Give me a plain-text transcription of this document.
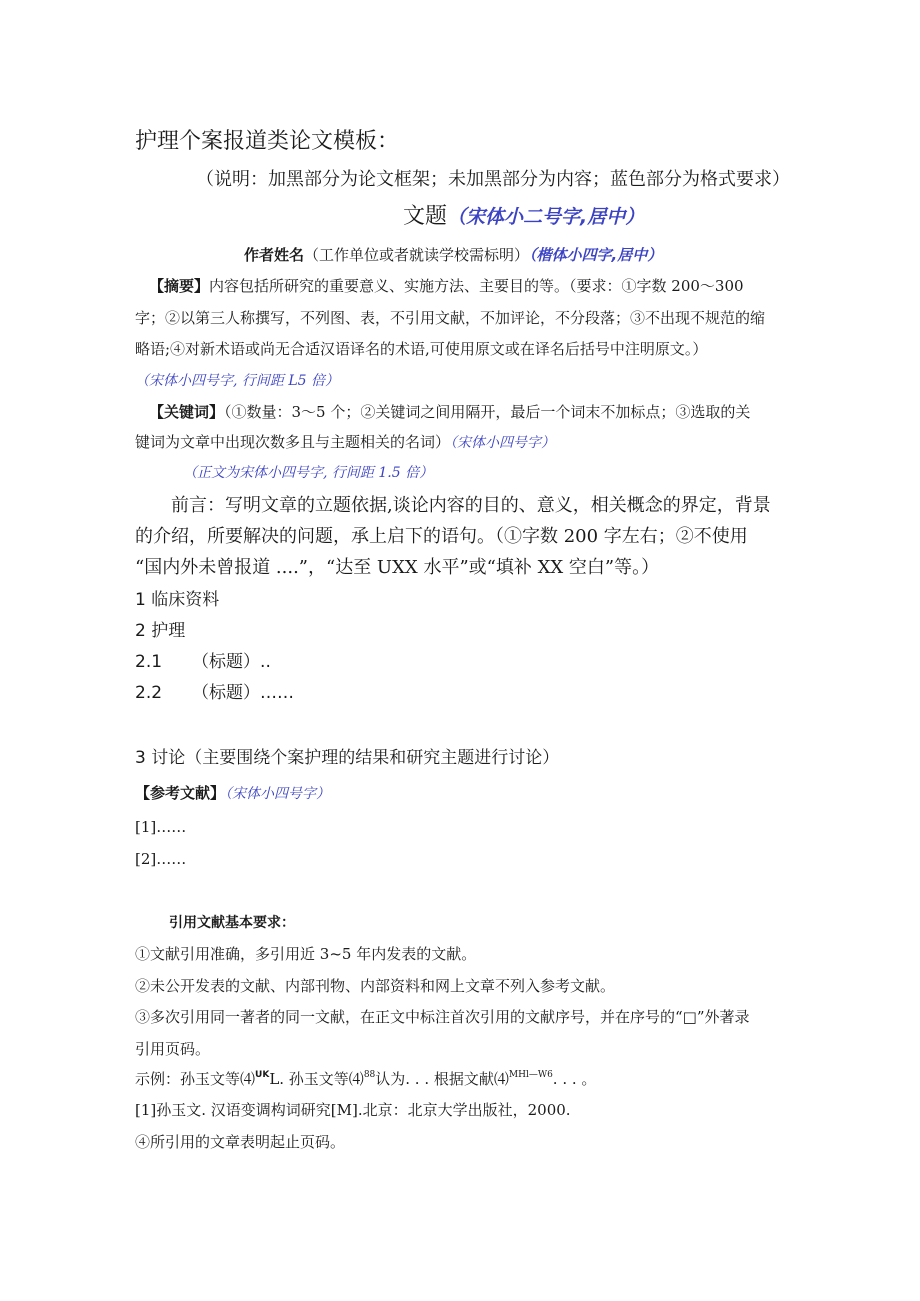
护理个案报道类论文模板：
（说明：加黑部分为论文框架；未加黑部分为内容；蓝色部分为格式要求）
文题（宋体小二号字,居中）
作者姓名（工作单位或者就读学校需标明）（楷体小四字,居中）
【摘要】内容包括所研究的重要意义、实施方法、主要目的等。（要求：①字数 200～300
字；②以第三人称撰写，不列图、表，不引用文献，不加评论，不分段落；③不出现不规范的缩
略语;④对新术语或尚无合适汉语译名的术语,可使用原文或在译名后括号中注明原文。）
（宋体小四号字, 行间距 L5 倍）
【关键词】（①数量：3～5 个；②关键词之间用隔开，最后一个词末不加标点；③选取的关
键词为文章中出现次数多且与主题相关的名词）（宋体小四号字）
（正文为宋体小四号字, 行间距 1.5 倍）
前言：写明文章的立题依据,谈论内容的目的、意义，相关概念的界定，背景
的介绍，所要解决的问题，承上启下的语句。（①字数 200 字左右；②不使用
“国内外未曾报道 ....”，“达至 UXX 水平”或“填补 XX 空白”等。）
1 临床资料
2 护理
2.1 （标题）..
2.2 （标题）……
3 讨论（主要围绕个案护理的结果和研究主题进行讨论）
【参考文献】（宋体小四号字）
[1]……
[2]……
引用文献基本要求：
①文献引用准确，多引用近 3~5 年内发表的文献。
②未公开发表的文献、内部刊物、内部资料和网上文章不列入参考文献。
③多次引用同一著者的同一文献，在正文中标注首次引用的文献序号，并在序号的“□”外著录
引用页码。
示例：孙玉文等⑷$^{UK}$L. 孙玉文等⑷$^{88}$认为. . . 根据文献⑷$^{MHl—W6}$. . . 。
[1]孙玉文. 汉语变调构词研究[M].北京：北京大学出版社，2000.
④所引用的文章表明起止页码。
